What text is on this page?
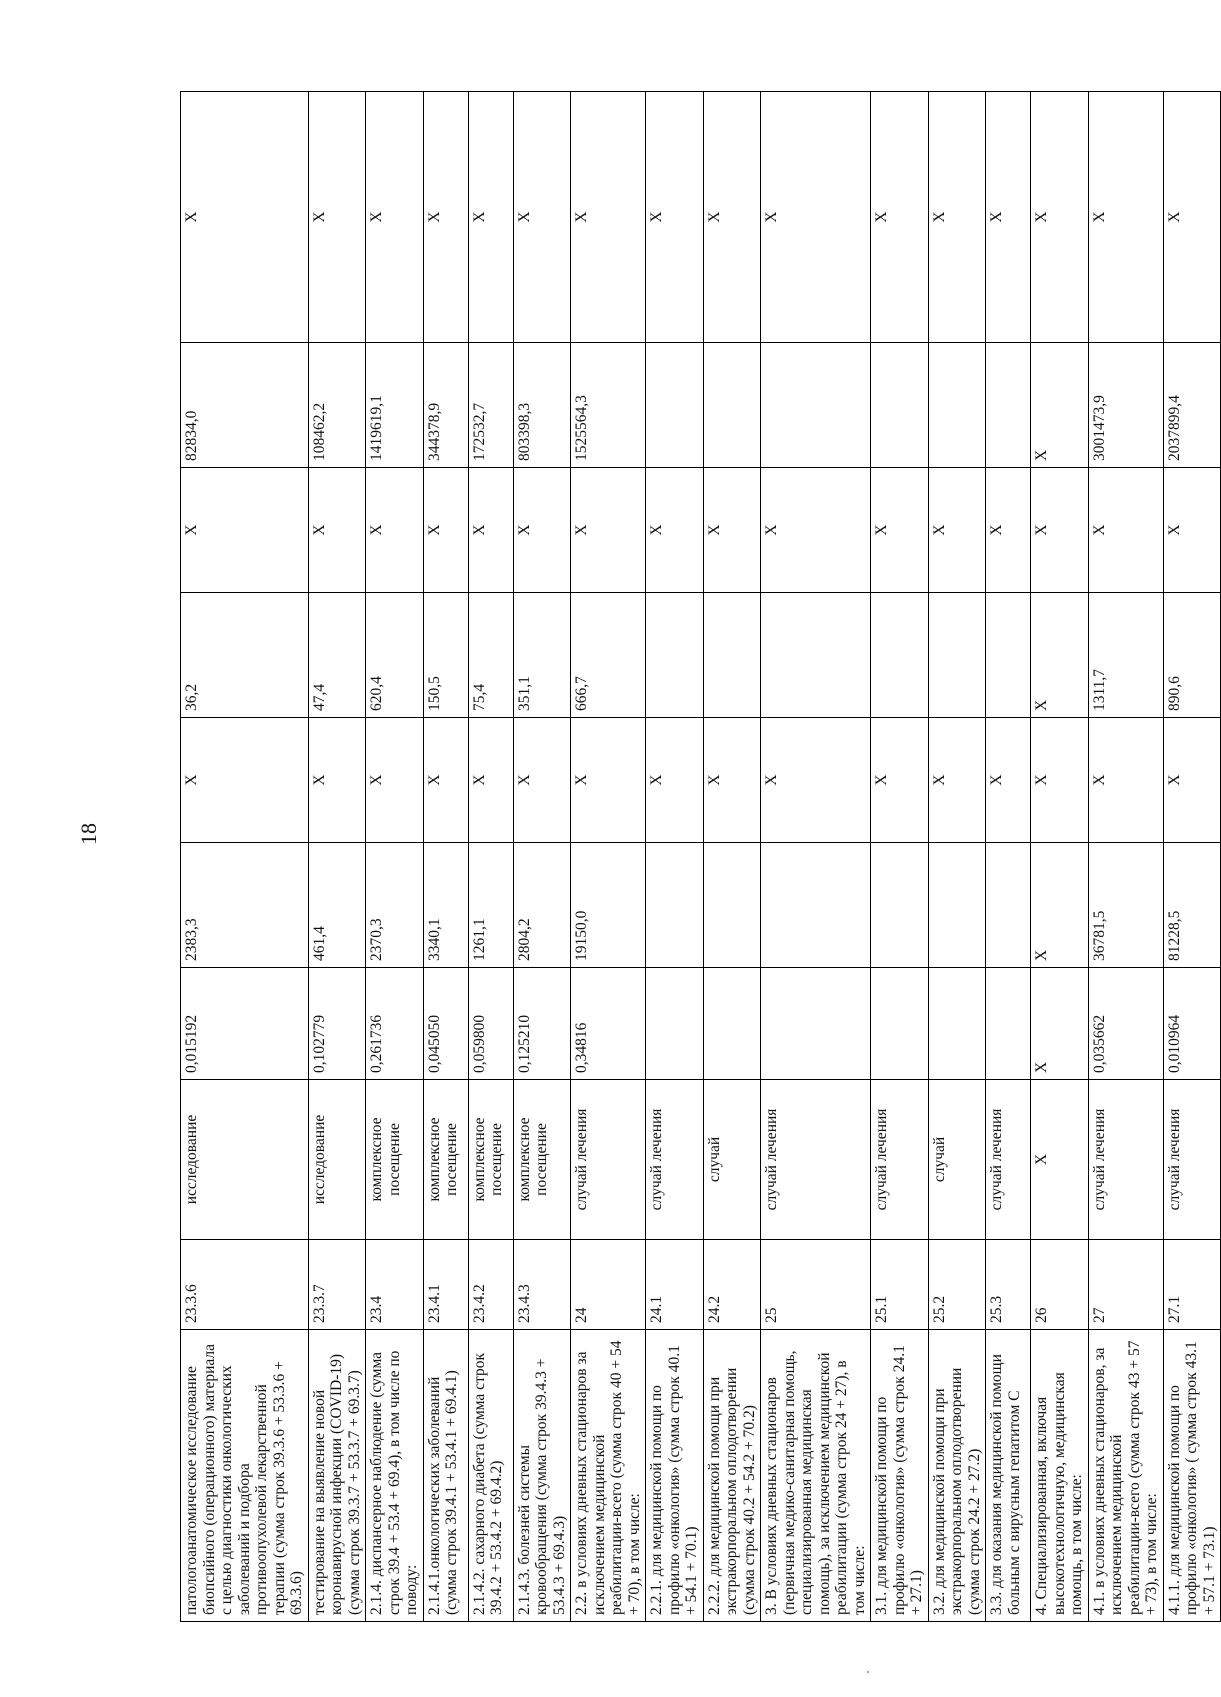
18
патологоанатомическое исследование биопсийного (операционного) материала с целью диагностики онкологических заболеваний и подбора противоопухолевой лекарственной терапии (сумма строк 39.3.6 + 53.3.6 + 69.3.6)	23.3.6	исследование	0,015192	2383,3	Х	36,2	Х	82834,0	Х
тестирование на выявление новой коронавирусной инфекции (COVID-19) (сумма строк 39.3.7 + 53.3.7 + 69.3.7)	23.3.7	исследование	0,102779	461,4	Х	47,4	Х	108462,2	Х
2.1.4. диспансерное наблюдение (сумма строк 39.4 + 53.4 + 69.4), в том числе по поводу:	23.4	комплексное посещение	0,261736	2370,3	Х	620,4	Х	1419619,1	Х
2.1.4.1.онкологических заболеваний (сумма строк 39.4.1 + 53.4.1 + 69.4.1)	23.4.1	комплексное посещение	0,045050	3340,1	Х	150,5	Х	344378,9	Х
2.1.4.2. сахарного диабета (сумма строк 39.4.2 + 53.4.2 + 69.4.2)	23.4.2	комплексное посещение	0,059800	1261,1	Х	75,4	Х	172532,7	Х
2.1.4.3. болезней системы кровообращения (сумма строк 39.4.3 + 53.4.3 + 69.4.3)	23.4.3	комплексное посещение	0,125210	2804,2	Х	351,1	Х	803398,3	Х
2.2. в условиях дневных стационаров за исключением медицинской реабилитации-всего (сумма строк 40 + 54 + 70), в том числе:	24	случай лечения	0,34816	19150,0	Х	666,7	Х	1525564,3	Х
2.2.1. для медицинской помощи по профилю «онкология» (сумма строк 40.1 + 54.1 + 70.1)	24.1	случай лечения			Х		Х		Х
2.2.2. для медицинской помощи при экстракорпоральном оплодотворении (сумма строк 40.2 + 54.2 + 70.2)	24.2	случай			Х		Х		Х
3. В условиях дневных стационаров (первичная медико-санитарная помощь, специализированная медицинская помощь), за исключением медицинской реабилитации (сумма строк 24 + 27), в том числе:	25	случай лечения			Х		Х		Х
3.1. для медицинской помощи по профилю «онкология» (сумма строк 24.1 + 27.1)	25.1	случай лечения			Х		Х		Х
3.2. для медицинской помощи при экстракорпоральном оплодотворении (сумма строк 24.2 + 27.2)	25.2	случай			Х		Х		Х
3.3. для оказания медицинской помощи больным с вирусным гепатитом С	25.3	случай лечения			Х		Х		Х
4. Специализированная, включая высокотехнологичную, медицинская помощь, в том числе:	26	Х	Х	Х	Х	Х	Х	Х	Х
4.1. в условиях дневных стационаров, за исключением медицинской реабилитации-всего (сумма строк 43 + 57 + 73), в том числе:	27	случай лечения	0,035662	36781,5	Х	1311,7	Х	3001473,9	Х
4.1.1. для медицинской помощи по профилю «онкология» ( сумма строк 43.1 + 57.1 + 73.1)	27.1	случай лечения	0,010964	81228,5	Х	890,6	Х	2037899,4	Х
